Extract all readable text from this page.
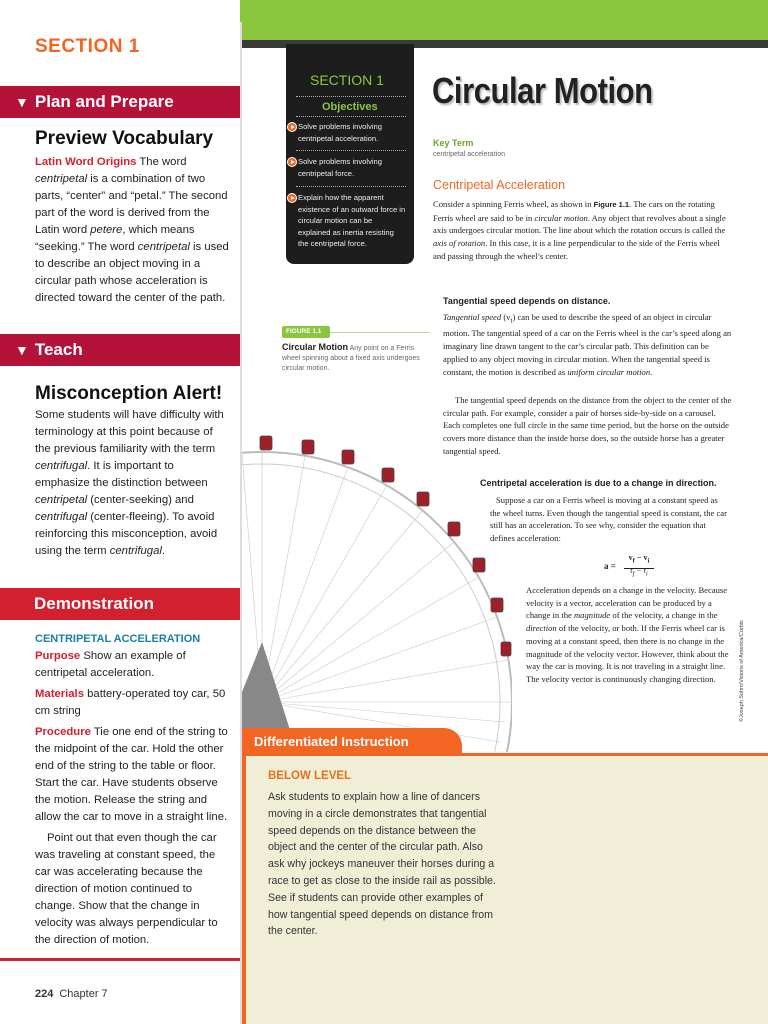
SECTION 1
▼ Plan and Prepare
Preview Vocabulary
Latin Word Origins The word centripetal is a combination of two parts, “center” and “petal.” The second part of the word is derived from the Latin word petere, which means “seeking.” The word centripetal is used to describe an object moving in a circular path whose acceleration is directed toward the center of the path.
▼ Teach
Misconception Alert!
Some students will have difficulty with terminology at this point because of the previous familiarity with the term centrifugal. It is important to emphasize the distinction between centripetal (center-seeking) and centrifugal (center-fleeing). To avoid reinforcing this misconception, avoid using the term centrifugal.
Demonstration
CENTRIPETAL ACCELERATION

Purpose Show an example of centripetal acceleration.

Materials battery-operated toy car, 50 cm string

Procedure Tie one end of the string to the midpoint of the car. Hold the other end of the string to the table or floor. Start the car. Have students observe the motion. Release the string and allow the car to move in a straight line.

Point out that even though the car was traveling at constant speed, the car was accelerating because the direction of motion continued to change. Show that the change in velocity was always perpendicular to the direction of motion.

224 Chapter 7
SECTION 1
Objectives
Solve problems involving centripetal acceleration.
Solve problems involving centripetal force.
Explain how the apparent existence of an outward force in circular motion can be explained as inertia resisting the centripetal force.
Circular Motion
Key Term
centripetal acceleration
Centripetal Acceleration
Consider a spinning Ferris wheel, as shown in Figure 1.1. The cars on the rotating Ferris wheel are said to be in circular motion. Any object that revolves about a single axis undergoes circular motion. The line about which the rotation occurs is called the axis of rotation. In this case, it is a line perpendicular to the side of the Ferris wheel and passing through the wheel’s center.
Tangential speed depends on distance.
Tangential speed $(v_t)$ can be used to describe the speed of an object in circular motion. The tangential speed of a car on the Ferris wheel is the car’s speed along an imaginary line drawn tangent to the car’s circular path. This definition can be applied to any object moving in circular motion. When the tangential speed is constant, the motion is described as uniform circular motion.
The tangential speed depends on the distance from the object to the center of the circular path. For example, consider a pair of horses side-by-side on a carousel. Each completes one full circle in the same time period, but the horse on the outside covers more distance than the inside horse does, so the outside horse has a greater tangential speed.
Centripetal acceleration is due to a change in direction.
Suppose a car on a Ferris wheel is moving at a constant speed as the wheel turns. Even though the tangential speed is constant, the car still has an acceleration. To see why, consider the equation that defines acceleration:
a =
$v_f - v_i$
$t_f - t_i$
Acceleration depends on a change in the velocity. Because velocity is a vector, acceleration can be produced by a change in the magnitude of the velocity, a change in the direction of the velocity, or both. If the Ferris wheel car is moving at a constant speed, then there is no change in the magnitude of the velocity vector. However, think about the way the car is moving. It is not traveling in a straight line. The velocity vector is continuously changing direction.
FIGURE 1.1
Circular Motion Any point on a Ferris wheel spinning about a fixed axis undergoes circular motion.
©Joseph Sohm/Visions of America/Corbis
BELOW LEVEL
Ask students to explain how a line of dancers moving in a circle demonstrates that tangential speed depends on the distance between the object and the center of the circular path. Also ask why jockeys maneuver their horses during a race to get as close to the inside rail as possible. See if students can provide other examples of how tangential speed depends on distance from the center.
Differentiated Instruction
